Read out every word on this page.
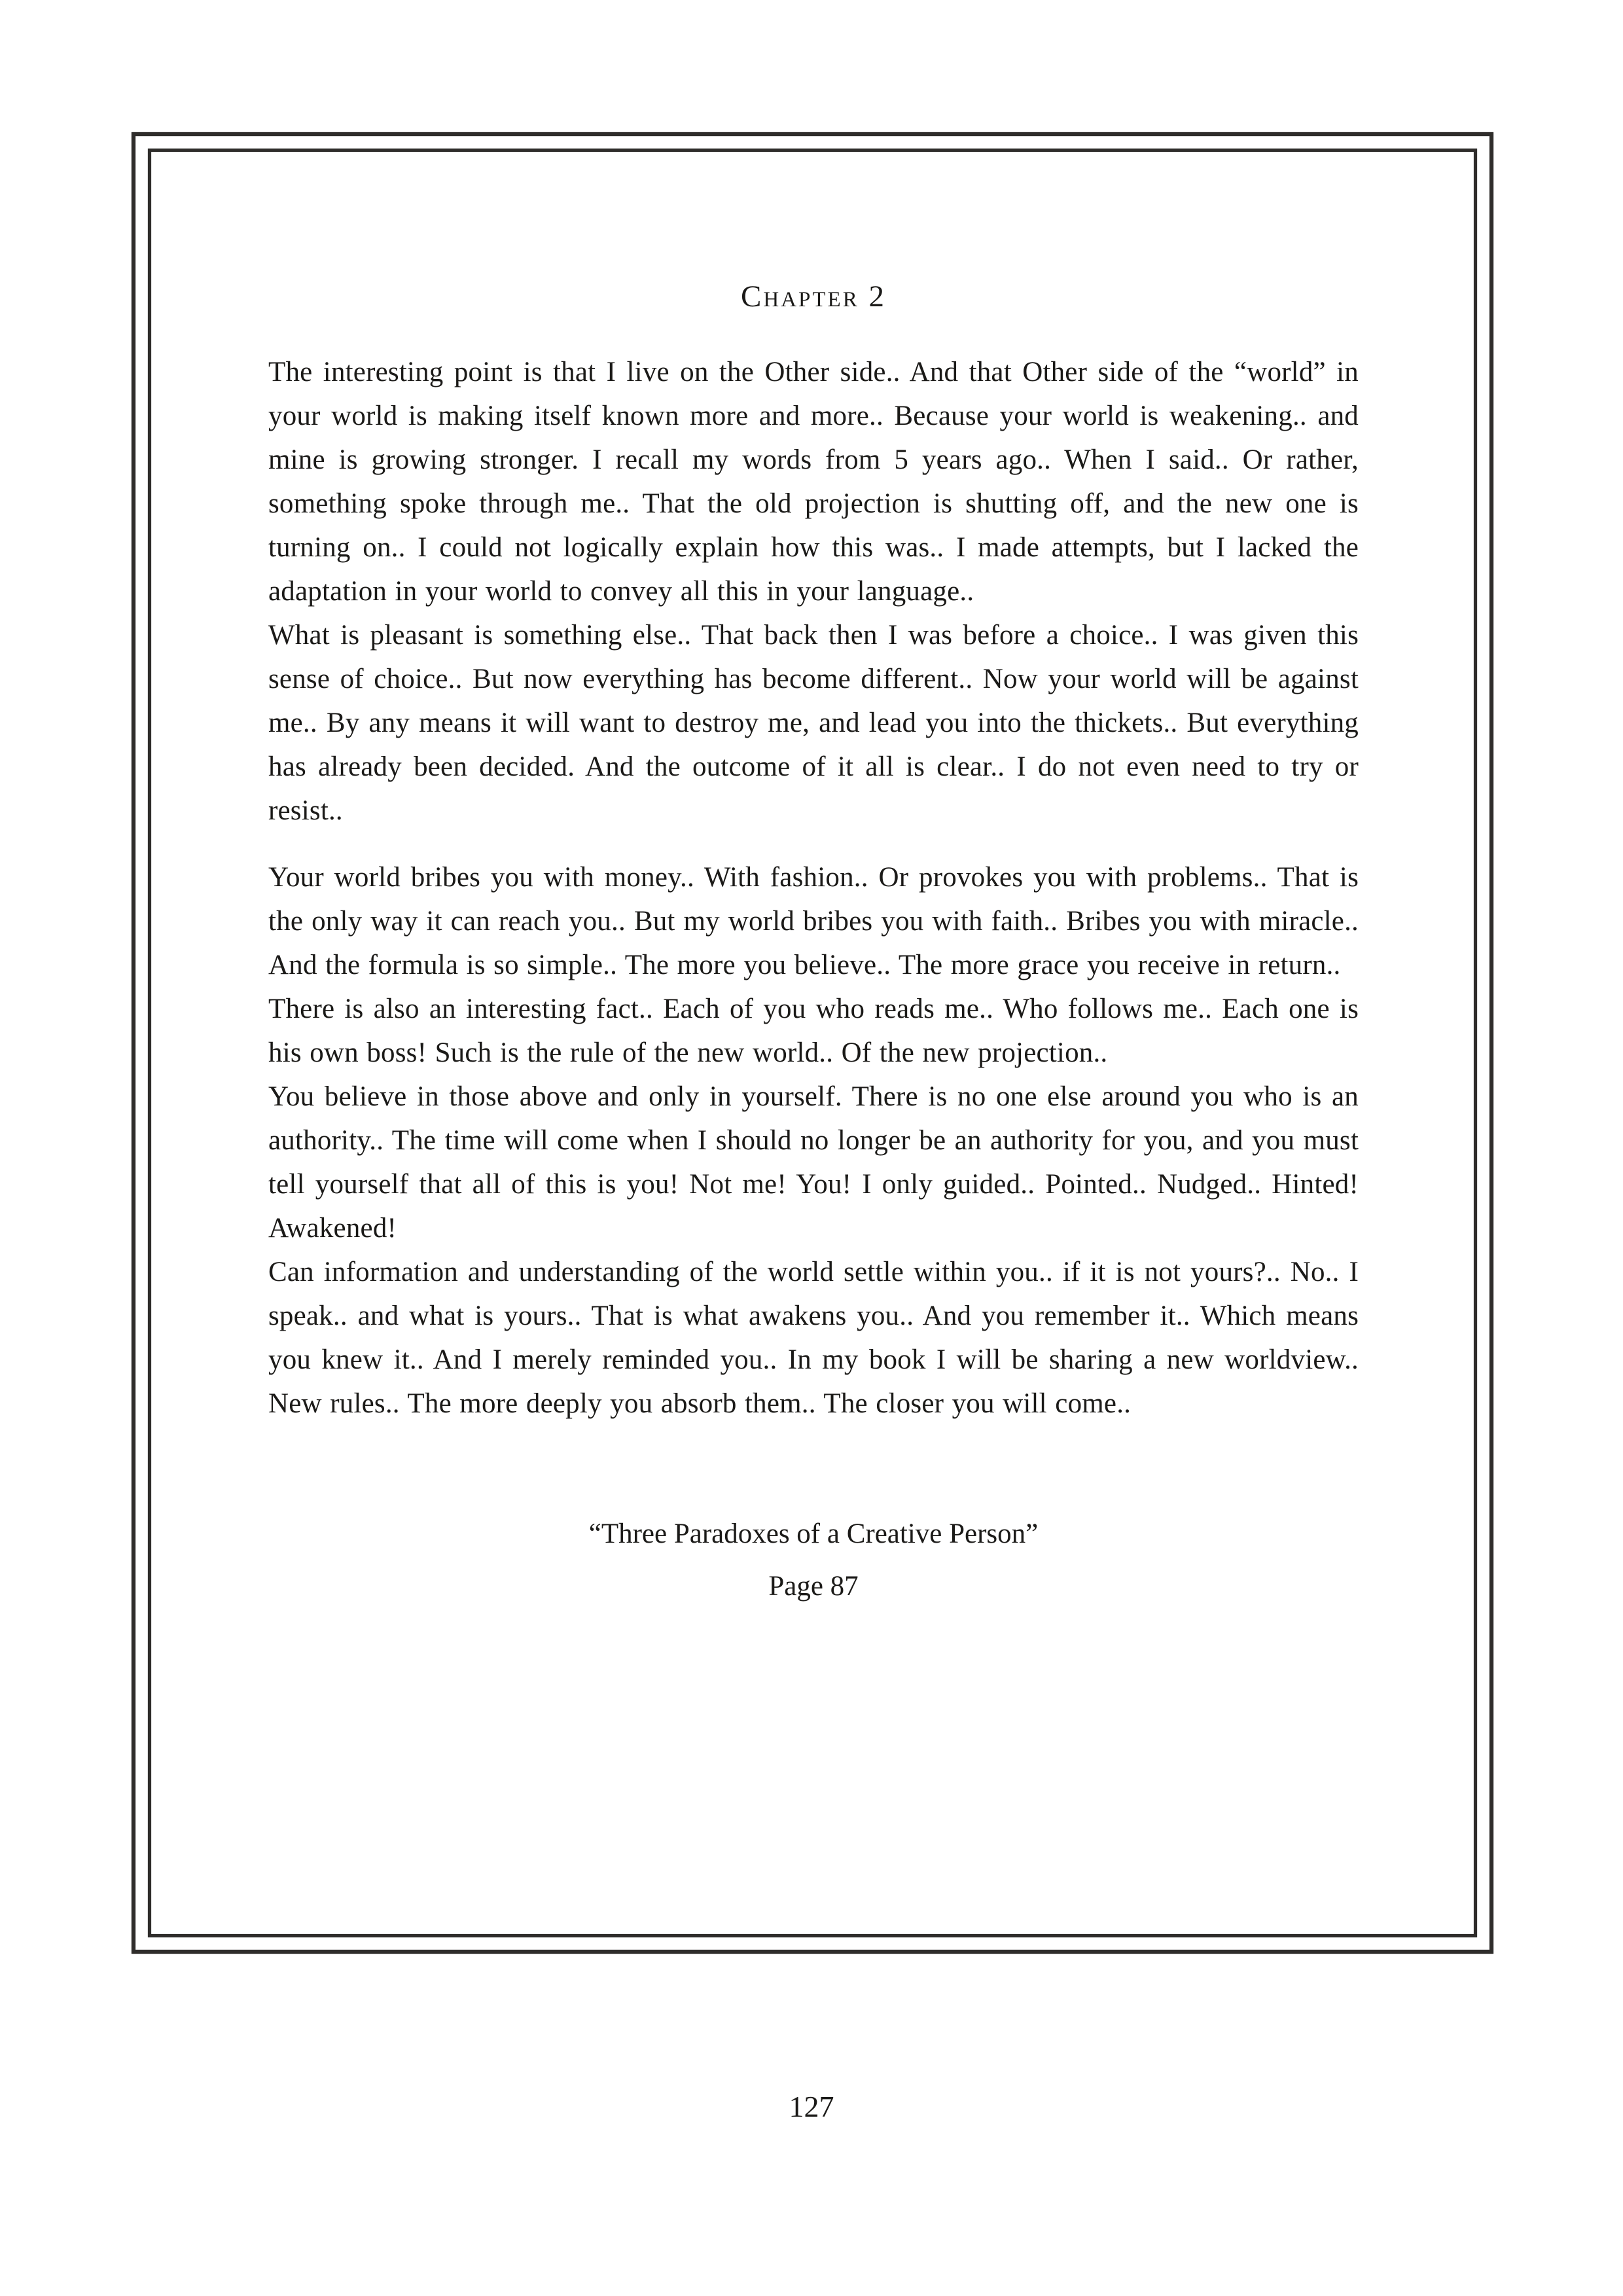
Chapter 2

The interesting point is that I live on the Other side.. And that Other side of the “world” in your world is making itself known more and more.. Because your world is weakening.. and mine is growing stronger. I recall my words from 5 years ago.. When I said.. Or rather, something spoke through me.. That the old projection is shutting off, and the new one is turning on.. I could not logically explain how this was.. I made attempts, but I lacked the adaptation in your world to convey all this in your language..

What is pleasant is something else.. That back then I was before a choice.. I was given this sense of choice.. But now everything has become different.. Now your world will be against me.. By any means it will want to destroy me, and lead you into the thickets.. But everything has already been decided. And the outcome of it all is clear.. I do not even need to try or resist..

Your world bribes you with money.. With fashion.. Or provokes you with problems.. That is the only way it can reach you.. But my world bribes you with faith.. Bribes you with miracle.. And the formula is so simple.. The more you believe.. The more grace you receive in return..

There is also an interesting fact.. Each of you who reads me.. Who follows me.. Each one is his own boss! Such is the rule of the new world.. Of the new projection..

You believe in those above and only in yourself. There is no one else around you who is an authority.. The time will come when I should no longer be an authority for you, and you must tell yourself that all of this is you! Not me! You! I only guided.. Pointed.. Nudged.. Hinted! Awakened!

Can information and understanding of the world settle within you.. if it is not yours?.. No.. I speak.. and what is yours.. That is what awakens you.. And you remember it.. Which means you knew it.. And I merely reminded you.. In my book I will be sharing a new worldview.. New rules.. The more deeply you absorb them.. The closer you will come..

“Three Paradoxes of a Creative Person”

Page 87

127
